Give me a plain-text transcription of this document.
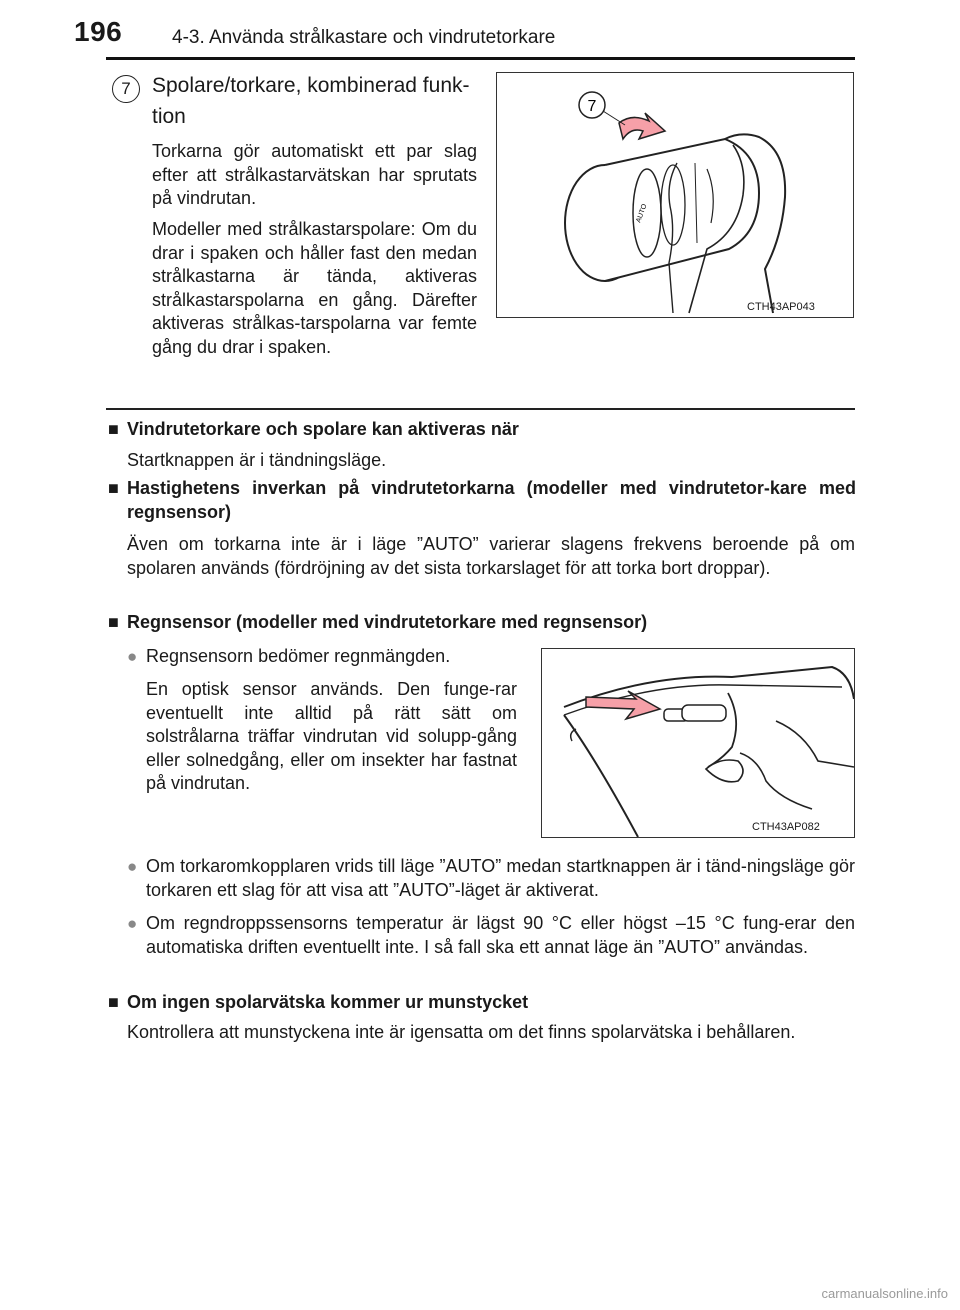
196	4-3. Använda strålkastare och vindrutetorkare
7	Spolare/torkare, kombinerad funk-tion
Torkarna gör automatiskt ett par slag efter att strålkastarvätskan har sprutats på vindrutan.
Modeller med strålkastarspolare: Om du drar i spaken och håller fast den medan strålkastarna är tända, aktiveras strålkastarspolarna en gång. Därefter aktiveras strålkas-tarspolarna var femte gång du drar i spaken.
7
AUTO
CTH43AP043
■ Vindrutetorkare och spolare kan aktiveras när
Startknappen är i tändningsläge.
■ Hastighetens inverkan på vindrutetorkarna (modeller med vindrutetor-kare med regnsensor)
Även om torkarna inte är i läge ”AUTO” varierar slagens frekvens beroende på om spolaren används (fördröjning av det sista torkarslaget för att torka bort droppar).
■ Regnsensor (modeller med vindrutetorkare med regnsensor)
● Regnsensorn bedömer regnmängden.
En optisk sensor används. Den funge-rar eventuellt inte alltid på rätt sätt om solstrålarna träffar vindrutan vid solupp-gång eller solnedgång, eller om insekter har fastnat på vindrutan.
CTH43AP082
● Om torkaromkopplaren vrids till läge ”AUTO” medan startknappen är i tänd-ningsläge gör torkaren ett slag för att visa att ”AUTO”-läget är aktiverat.
● Om regndroppssensorns temperatur är lägst 90 °C eller högst –15 °C fung-erar den automatiska driften eventuellt inte. I så fall ska ett annat läge än ”AUTO” användas.
■ Om ingen spolarvätska kommer ur munstycket
Kontrollera att munstyckena inte är igensatta om det finns spolarvätska i behållaren.
carmanualsonline.info
